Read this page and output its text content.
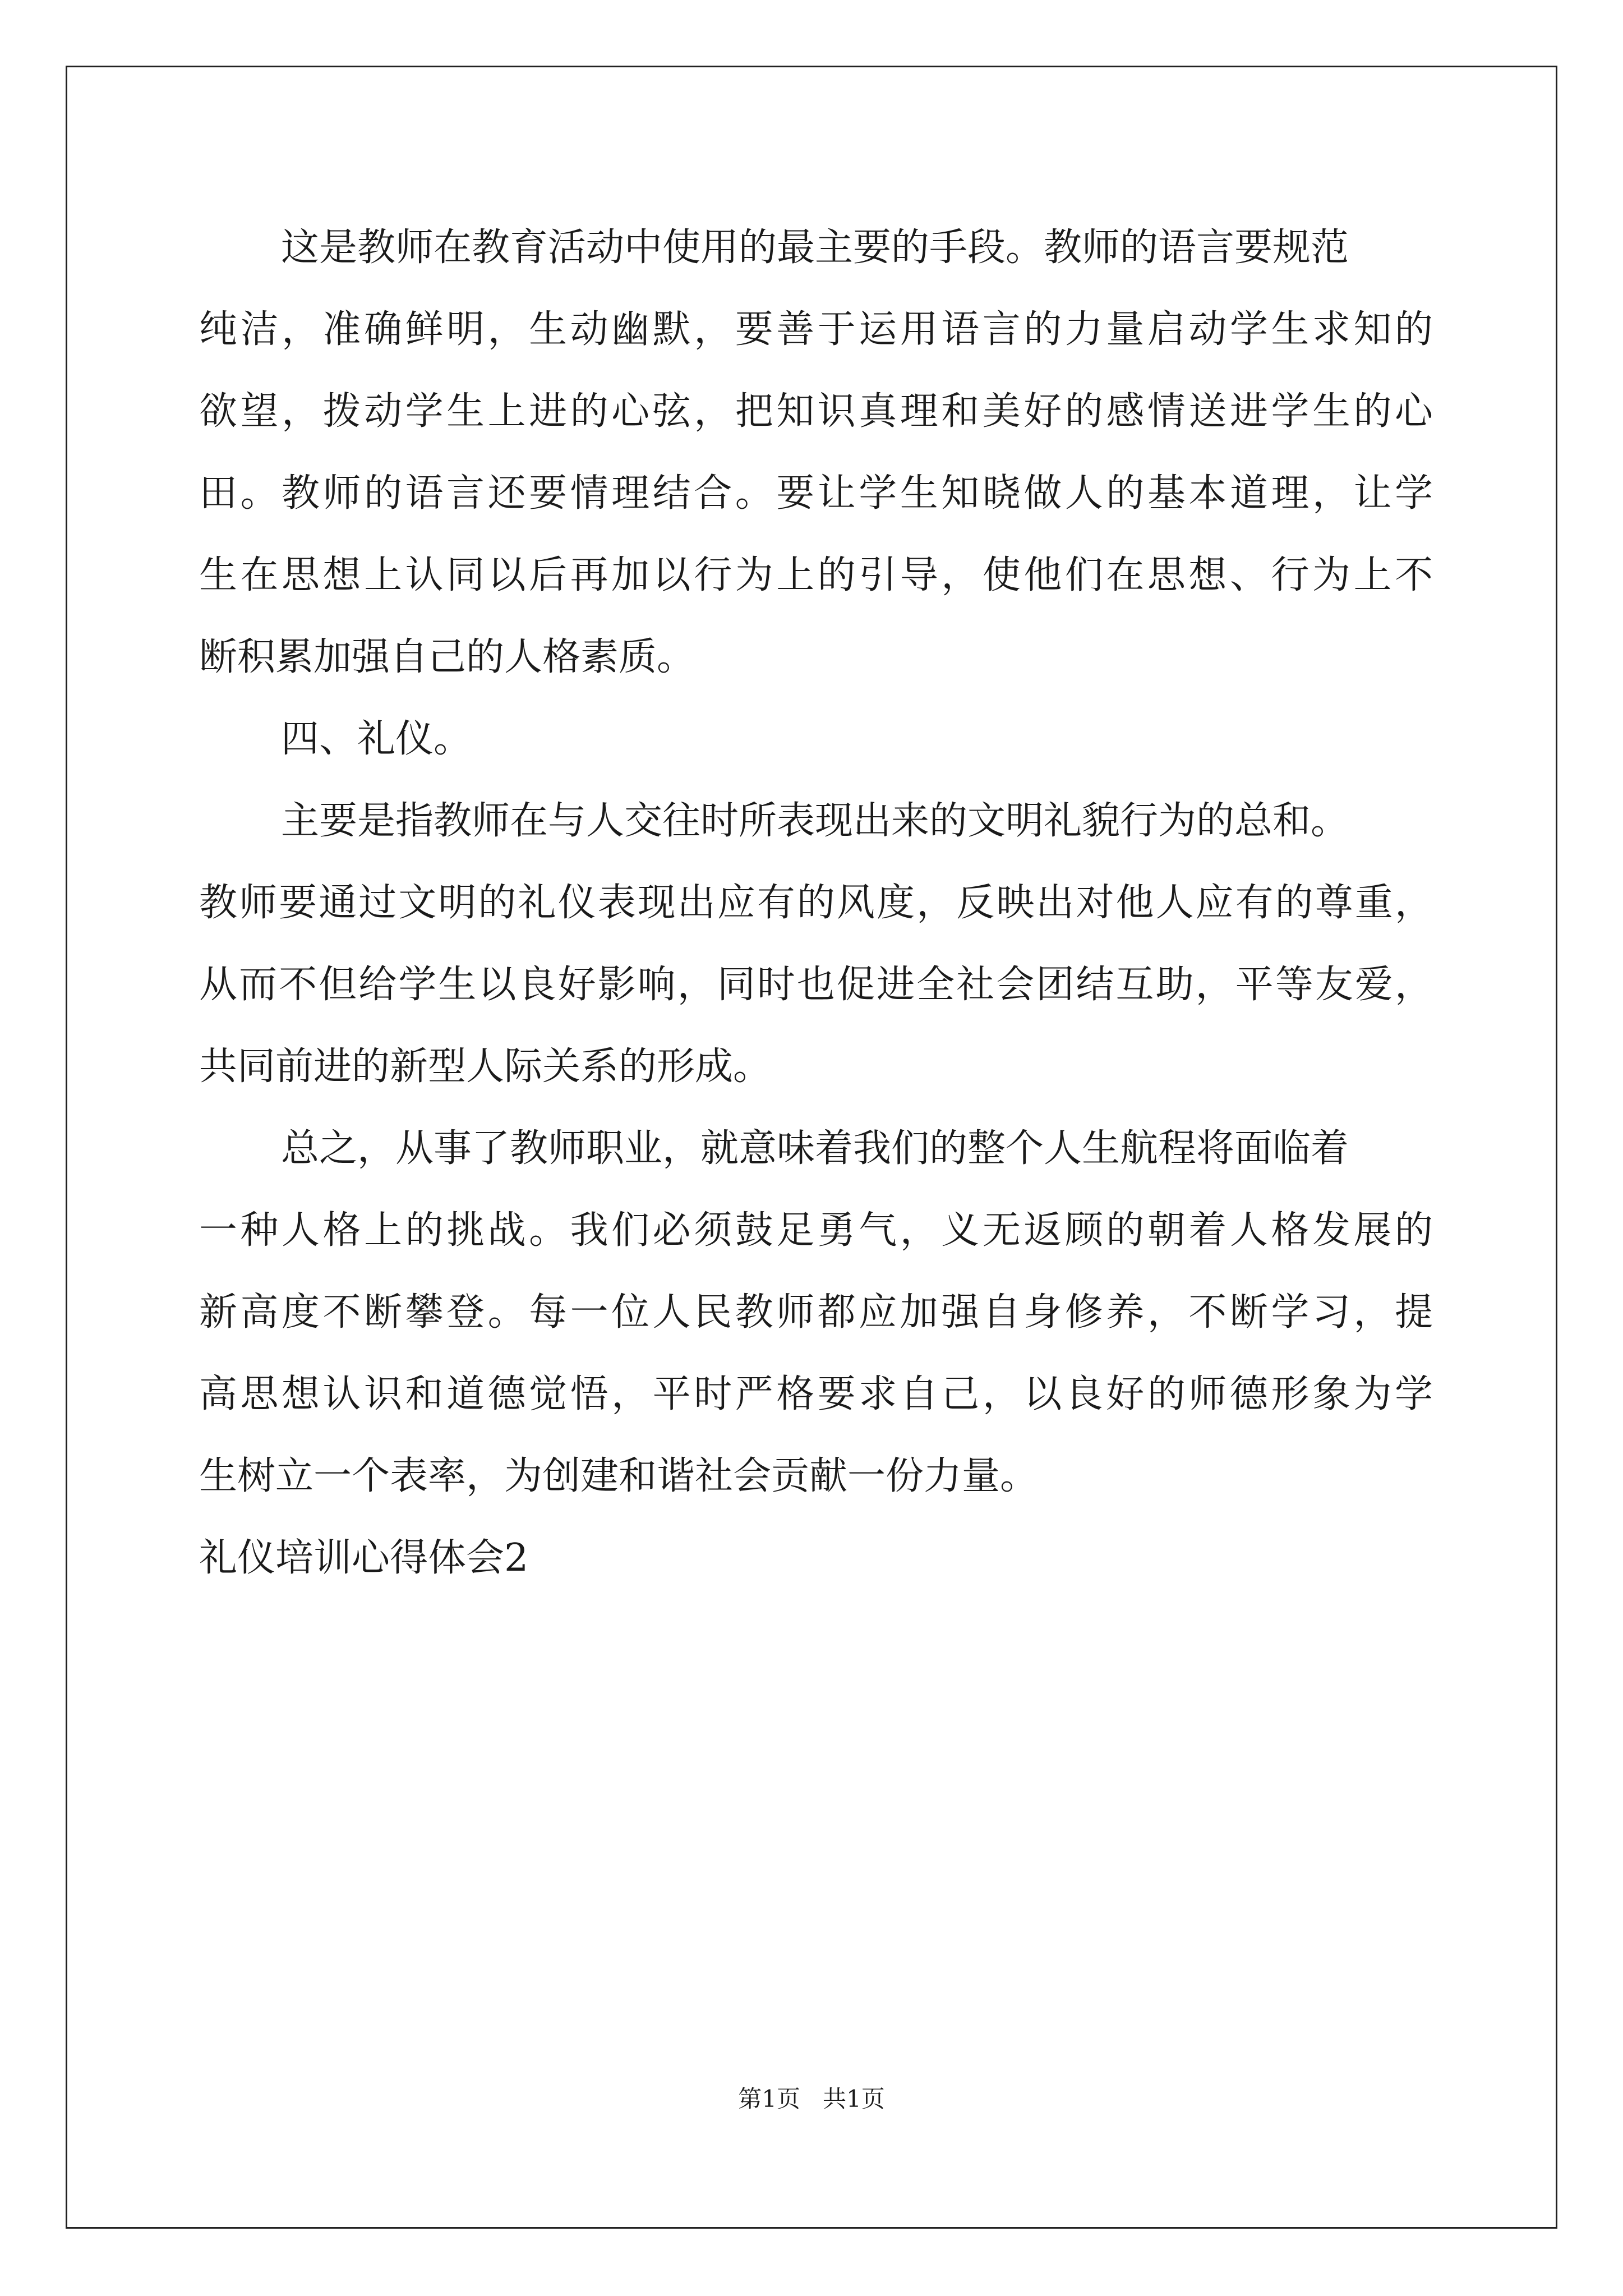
这是教师在教育活动中使用的最主要的手段。教师的语言要规范
纯洁，准确鲜明，生动幽默，要善于运用语言的力量启动学生求知的
欲望，拨动学生上进的心弦，把知识真理和美好的感情送进学生的心
田。教师的语言还要情理结合。要让学生知晓做人的基本道理，让学
生在思想上认同以后再加以行为上的引导，使他们在思想、行为上不
断积累加强自己的人格素质。
四、礼仪。
主要是指教师在与人交往时所表现出来的文明礼貌行为的总和。
教师要通过文明的礼仪表现出应有的风度，反映出对他人应有的尊重，
从而不但给学生以良好影响，同时也促进全社会团结互助，平等友爱，
共同前进的新型人际关系的形成。
总之，从事了教师职业，就意味着我们的整个人生航程将面临着
一种人格上的挑战。我们必须鼓足勇气，义无返顾的朝着人格发展的
新高度不断攀登。每一位人民教师都应加强自身修养，不断学习，提
高思想认识和道德觉悟，平时严格要求自己，以良好的师德形象为学
生树立一个表率，为创建和谐社会贡献一份力量。
礼仪培训心得体会2
第1页   共1页
